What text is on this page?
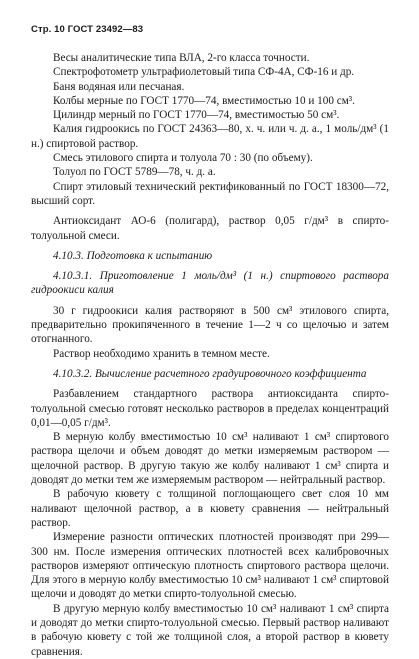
Стр. 10 ГОСТ 23492—83

Весы аналитические типа ВЛА, 2-го класса точности.

Спектрофотометр ультрафиолетовый типа СФ-4А, СФ-16 и др.

Баня водяная или песчаная.

Колбы мерные по ГОСТ 1770—74, вместимостью 10 и 100 см³.

Цилиндр мерный по ГОСТ 1770—74, вместимостью 50 см³.

Калия гидроокись по ГОСТ 24363—80, х. ч. или ч. д. а., 1 моль/дм³ (1 н.) спиртовой раствор.

Смесь этилового спирта и толуола 70 : 30 (по объему).

Толуол по ГОСТ 5789—78, ч. д. а.

Спирт этиловый технический ректификованный по ГОСТ 18300—72, высший сорт.

Антиоксидант АО-6 (полигард), раствор 0,05 г/дм³ в спирто-толуольной смеси.

4.10.3. Подготовка к испытанию

4.10.3.1. Приготовление 1 моль/дм³ (1 н.) спиртового раствора гидроокиси калия

30 г гидроокиси калия растворяют в 500 см³ этилового спирта, предварительно прокипяченного в течение 1—2 ч со щелочью и затем отогнанного.

Раствор необходимо хранить в темном месте.

4.10.3.2. Вычисление расчетного градуировочного коэффициента

Разбавлением стандартного раствора антиоксиданта спирто-толуольной смесью готовят несколько растворов в пределах концентраций 0,01—0,05 г/дм³.

В мерную колбу вместимостью 10 см³ наливают 1 см³ спиртового раствора щелочи и объем доводят до метки измеряемым раствором — щелочной раствор. В другую такую же колбу наливают 1 см³ спирта и доводят до метки тем же измеряемым раствором — нейтральный раствор.

В рабочую кювету с толщиной поглощающего свет слоя 10 мм наливают щелочной раствор, а в кювету сравнения — нейтральный раствор.

Измерение разности оптических плотностей производят при 299—300 нм. После измерения оптических плотностей всех калибровочных растворов измеряют оптическую плотность спиртового раствора щелочи. Для этого в мерную колбу вместимостью 10 см³ наливают 1 см³ спиртовой щелочи и доводят до метки спирто-толуольной смесью.

В другую мерную колбу вместимостью 10 см³ наливают 1 см³ спирта и доводят до метки спирто-толуольной смесью. Первый раствор наливают в рабочую кювету с той же толщиной слоя, а второй раствор в кювету сравнения.
